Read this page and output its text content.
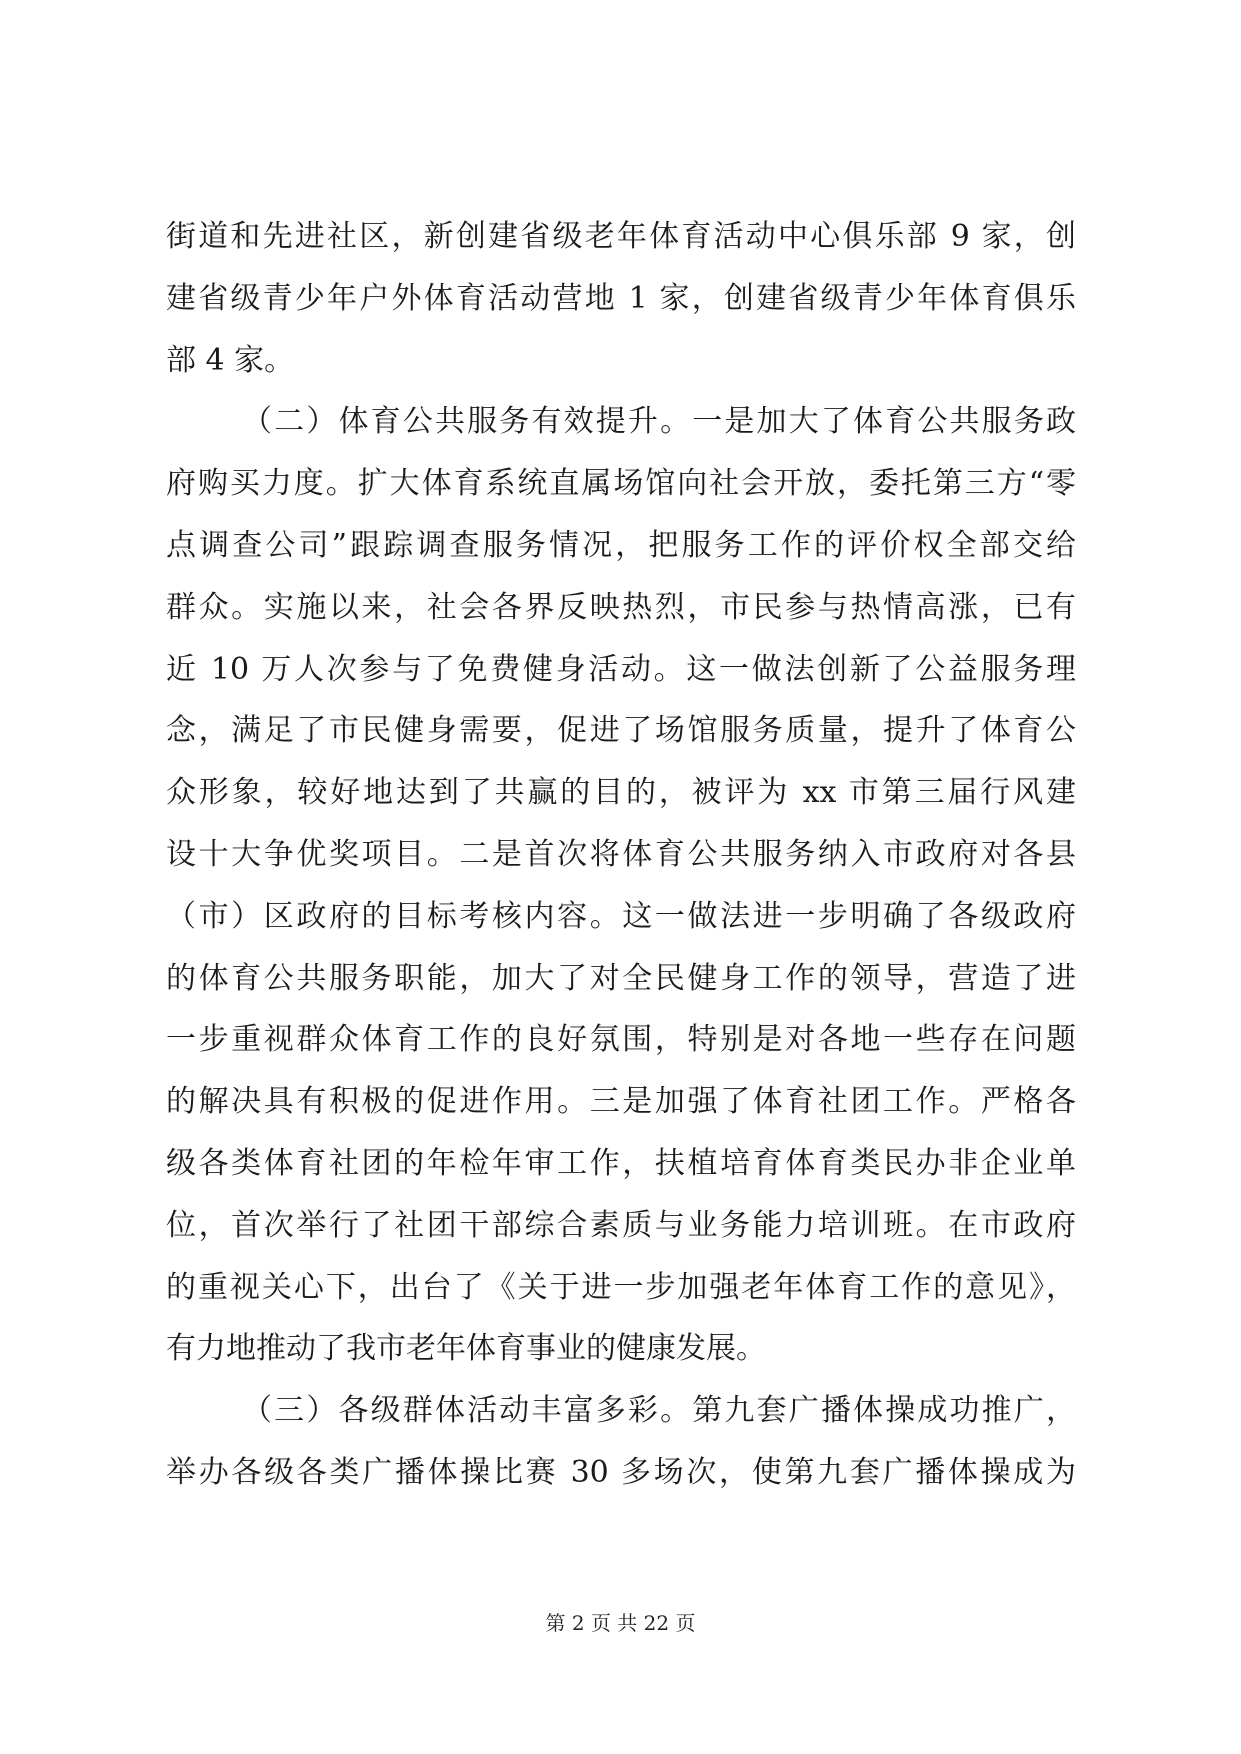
街道和先进社区，新创建省级老年体育活动中心俱乐部 9 家，创
建省级青少年户外体育活动营地 1 家，创建省级青少年体育俱乐
部 4 家。
（二）体育公共服务有效提升。一是加大了体育公共服务政
府购买力度。扩大体育系统直属场馆向社会开放，委托第三方“零
点调查公司”跟踪调查服务情况，把服务工作的评价权全部交给
群众。实施以来，社会各界反映热烈，市民参与热情高涨，已有
近 10 万人次参与了免费健身活动。这一做法创新了公益服务理
念，满足了市民健身需要，促进了场馆服务质量，提升了体育公
众形象，较好地达到了共赢的目的，被评为 xx 市第三届行风建
设十大争优奖项目。二是首次将体育公共服务纳入市政府对各县
（市）区政府的目标考核内容。这一做法进一步明确了各级政府
的体育公共服务职能，加大了对全民健身工作的领导，营造了进
一步重视群众体育工作的良好氛围，特别是对各地一些存在问题
的解决具有积极的促进作用。三是加强了体育社团工作。严格各
级各类体育社团的年检年审工作，扶植培育体育类民办非企业单
位，首次举行了社团干部综合素质与业务能力培训班。在市政府
的重视关心下，出台了《关于进一步加强老年体育工作的意见》，
有力地推动了我市老年体育事业的健康发展。
（三）各级群体活动丰富多彩。第九套广播体操成功推广，
举办各级各类广播体操比赛 30 多场次，使第九套广播体操成为
第 2 页 共 22 页
